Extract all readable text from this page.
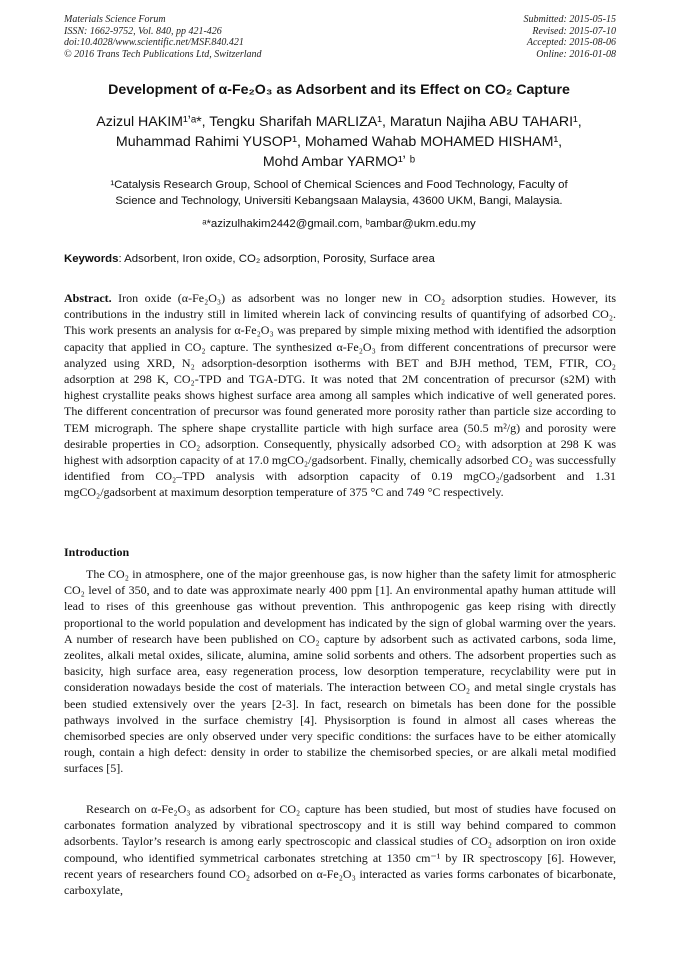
Materials Science Forum
ISSN: 1662-9752, Vol. 840, pp 421-426
doi:10.4028/www.scientific.net/MSF.840.421
© 2016 Trans Tech Publications Ltd, Switzerland
Submitted: 2015-05-15
Revised: 2015-07-10
Accepted: 2015-08-06
Online: 2016-01-08
Development of α-Fe₂O₃ as Adsorbent and its Effect on CO₂ Capture
Azizul HAKIM¹ʼᵃ*, Tengku Sharifah MARLIZA¹, Maratun Najiha ABU TAHARI¹,
Muhammad Rahimi YUSOP¹, Mohamed Wahab MOHAMED HISHAM¹,
Mohd Ambar YARMO¹ʼ ᵇ
¹Catalysis Research Group, School of Chemical Sciences and Food Technology, Faculty of
Science and Technology, Universiti Kebangsaan Malaysia, 43600 UKM, Bangi, Malaysia.
ᵃ*azizulhakim2442@gmail.com, ᵇambar@ukm.edu.my
Keywords: Adsorbent, Iron oxide, CO₂ adsorption, Porosity, Surface area

Abstract. Iron oxide (α-Fe₂O₃) as adsorbent was no longer new in CO₂ adsorption studies. However, its contributions in the industry still in limited wherein lack of convincing results of quantifying of adsorbed CO₂. This work presents an analysis for α-Fe₂O₃ was prepared by simple mixing method with identified the adsorption capacity that applied in CO₂ capture. The synthesized α-Fe₂O₃ from different concentrations of precursor were analyzed using XRD, N₂ adsorption-desorption isotherms with BET and BJH method, TEM, FTIR, CO₂ adsorption at 298 K, CO₂-TPD and TGA-DTG. It was noted that 2M concentration of precursor (s2M) with highest crystallite peaks shows highest surface area among all samples which indicative of well generated pores. The different concentration of precursor was found generated more porosity rather than particle size according to TEM micrograph. The sphere shape crystallite particle with high surface area (50.5 m²/g) and porosity were desirable properties in CO₂ adsorption. Consequently, physically adsorbed CO₂ with adsorption at 298 K was highest with adsorption capacity of at 17.0 mgCO₂/gadsorbent. Finally, chemically adsorbed CO₂ was successfully identified from CO₂–TPD analysis with adsorption capacity of 0.19 mgCO₂/gadsorbent and 1.31 mgCO₂/gadsorbent at maximum desorption temperature of 375 °C and 749 °C respectively.

Introduction

The CO₂ in atmosphere, one of the major greenhouse gas, is now higher than the safety limit for atmospheric CO₂ level of 350, and to date was approximate nearly 400 ppm [1]. An environmental apathy human attitude will lead to rises of this greenhouse gas without prevention. This anthropogenic gas keep rising with directly proportional to the world population and development has indicated by the sign of global warming over the years. A number of research have been published on CO₂ capture by adsorbent such as activated carbons, soda lime, zeolites, alkali metal oxides, silicate, alumina, amine solid sorbents and others. The adsorbent properties such as basicity, high surface area, easy regeneration process, low desorption temperature, recyclability were put in consideration nowadays beside the cost of materials. The interaction between CO₂ and metal single crystals has been studied extensively over the years [2-3]. In fact, research on bimetals has been done for the possible pathways involved in the surface chemistry [4]. Physisorption is found in almost all cases whereas the chemisorbed species are only observed under very specific conditions: the surfaces have to be either atomically rough, contain a high defect: density in order to stabilize the chemisorbed species, or are alkali metal modified surfaces [5].

Research on α-Fe₂O₃ as adsorbent for CO₂ capture has been studied, but most of studies have focused on carbonates formation analyzed by vibrational spectroscopy and it is still way behind compared to common adsorbents. Taylor’s research is among early spectroscopic and classical studies of CO₂ adsorption on iron oxide compound, who identified symmetrical carbonates stretching at 1350 cm⁻¹ by IR spectroscopy [6]. However, recent years of researchers found CO₂ adsorbed on α-Fe₂O₃ interacted as varies forms carbonates of bicarbonate, carboxylate,
